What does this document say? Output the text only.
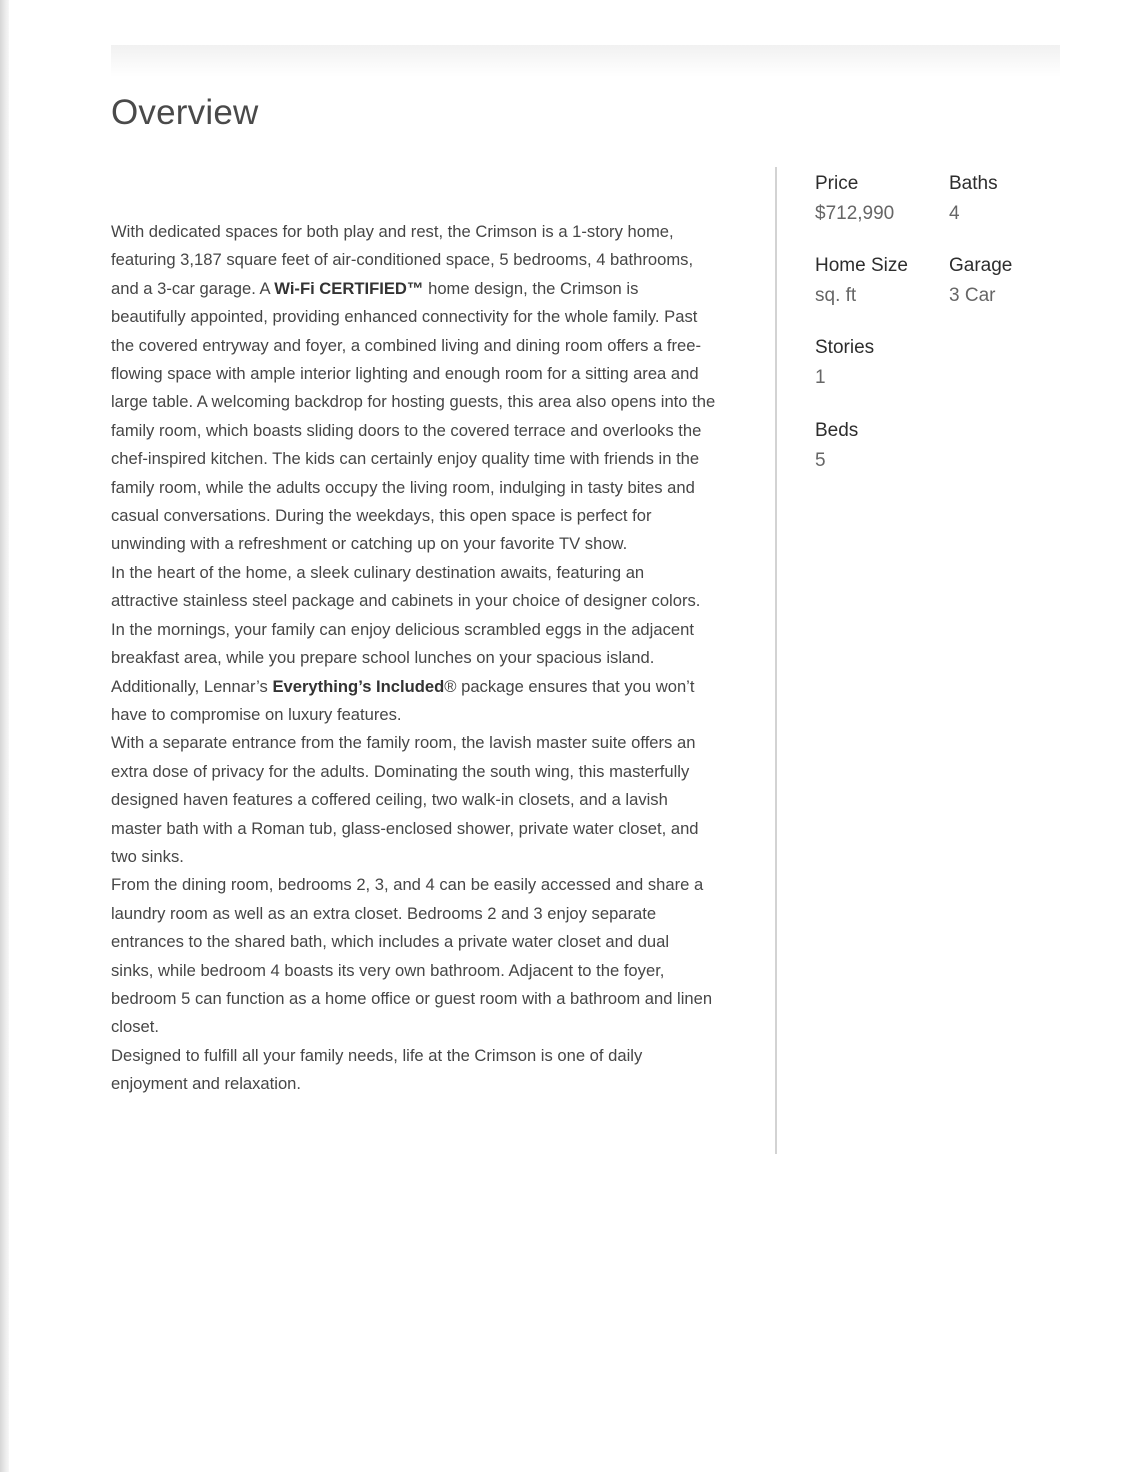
Overview

With dedicated spaces for both play and rest, the Crimson is a 1-story home, featuring 3,187 square feet of air-conditioned space, 5 bedrooms, 4 bathrooms, and a 3-car garage. A Wi-Fi CERTIFIED™ home design, the Crimson is beautifully appointed, providing enhanced connectivity for the whole family. Past the covered entryway and foyer, a combined living and dining room offers a free-flowing space with ample interior lighting and enough room for a sitting area and large table. A welcoming backdrop for hosting guests, this area also opens into the family room, which boasts sliding doors to the covered terrace and overlooks the chef-inspired kitchen. The kids can certainly enjoy quality time with friends in the family room, while the adults occupy the living room, indulging in tasty bites and casual conversations. During the weekdays, this open space is perfect for unwinding with a refreshment or catching up on your favorite TV show.

In the heart of the home, a sleek culinary destination awaits, featuring an attractive stainless steel package and cabinets in your choice of designer colors. In the mornings, your family can enjoy delicious scrambled eggs in the adjacent breakfast area, while you prepare school lunches on your spacious island. Additionally, Lennar’s Everything’s Included® package ensures that you won’t have to compromise on luxury features.

With a separate entrance from the family room, the lavish master suite offers an extra dose of privacy for the adults. Dominating the south wing, this masterfully designed haven features a coffered ceiling, two walk-in closets, and a lavish master bath with a Roman tub, glass-enclosed shower, private water closet, and two sinks.

From the dining room, bedrooms 2, 3, and 4 can be easily accessed and share a laundry room as well as an extra closet. Bedrooms 2 and 3 enjoy separate entrances to the shared bath, which includes a private water closet and dual sinks, while bedroom 4 boasts its very own bathroom. Adjacent to the foyer, bedroom 5 can function as a home office or guest room with a bathroom and linen closet.

Designed to fulfill all your family needs, life at the Crimson is one of daily enjoyment and relaxation.

Price
$712,990
Baths
4
Home Size
sq. ft
Garage
3 Car
Stories
1
Beds
5
